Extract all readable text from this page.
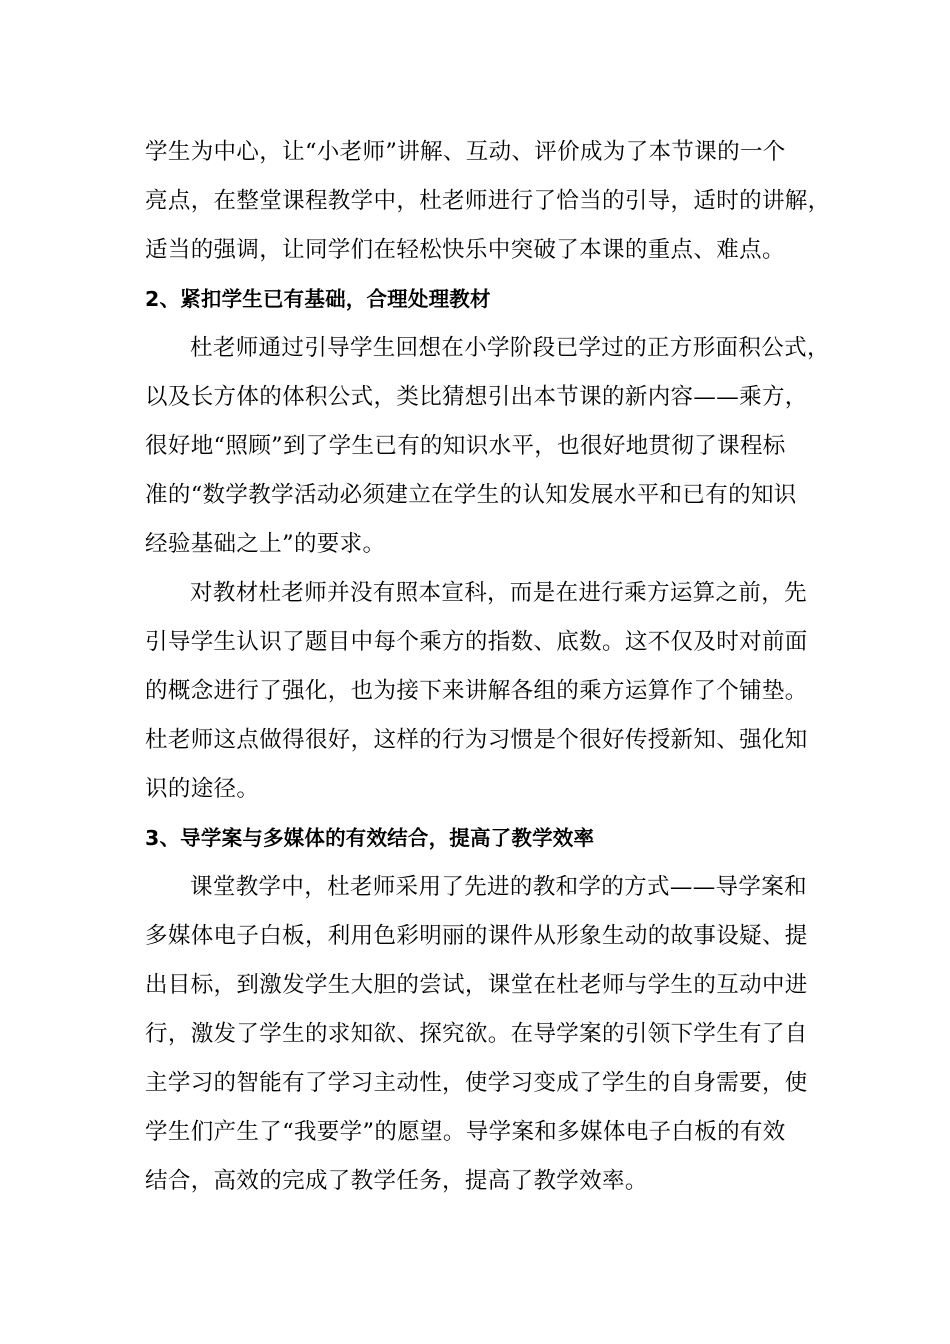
学生为中心，让“小老师”讲解、互动、评价成为了本节课的一个
亮点，在整堂课程教学中，杜老师进行了恰当的引导，适时的讲解，
适当的强调，让同学们在轻松快乐中突破了本课的重点、难点。
2、紧扣学生已有基础，合理处理教材
杜老师通过引导学生回想在小学阶段已学过的正方形面积公式，
以及长方体的体积公式，类比猜想引出本节课的新内容——乘方，
很好地“照顾”到了学生已有的知识水平，也很好地贯彻了课程标
准的“数学教学活动必须建立在学生的认知发展水平和已有的知识
经验基础之上”的要求。
对教材杜老师并没有照本宣科，而是在进行乘方运算之前，先
引导学生认识了题目中每个乘方的指数、底数。这不仅及时对前面
的概念进行了强化，也为接下来讲解各组的乘方运算作了个铺垫。
杜老师这点做得很好，这样的行为习惯是个很好传授新知、强化知
识的途径。
3、导学案与多媒体的有效结合，提高了教学效率
课堂教学中，杜老师采用了先进的教和学的方式——导学案和
多媒体电子白板，利用色彩明丽的课件从形象生动的故事设疑、提
出目标，到激发学生大胆的尝试，课堂在杜老师与学生的互动中进
行，激发了学生的求知欲、探究欲。在导学案的引领下学生有了自
主学习的智能有了学习主动性，使学习变成了学生的自身需要，使
学生们产生了“我要学”的愿望。导学案和多媒体电子白板的有效
结合，高效的完成了教学任务，提高了教学效率。
